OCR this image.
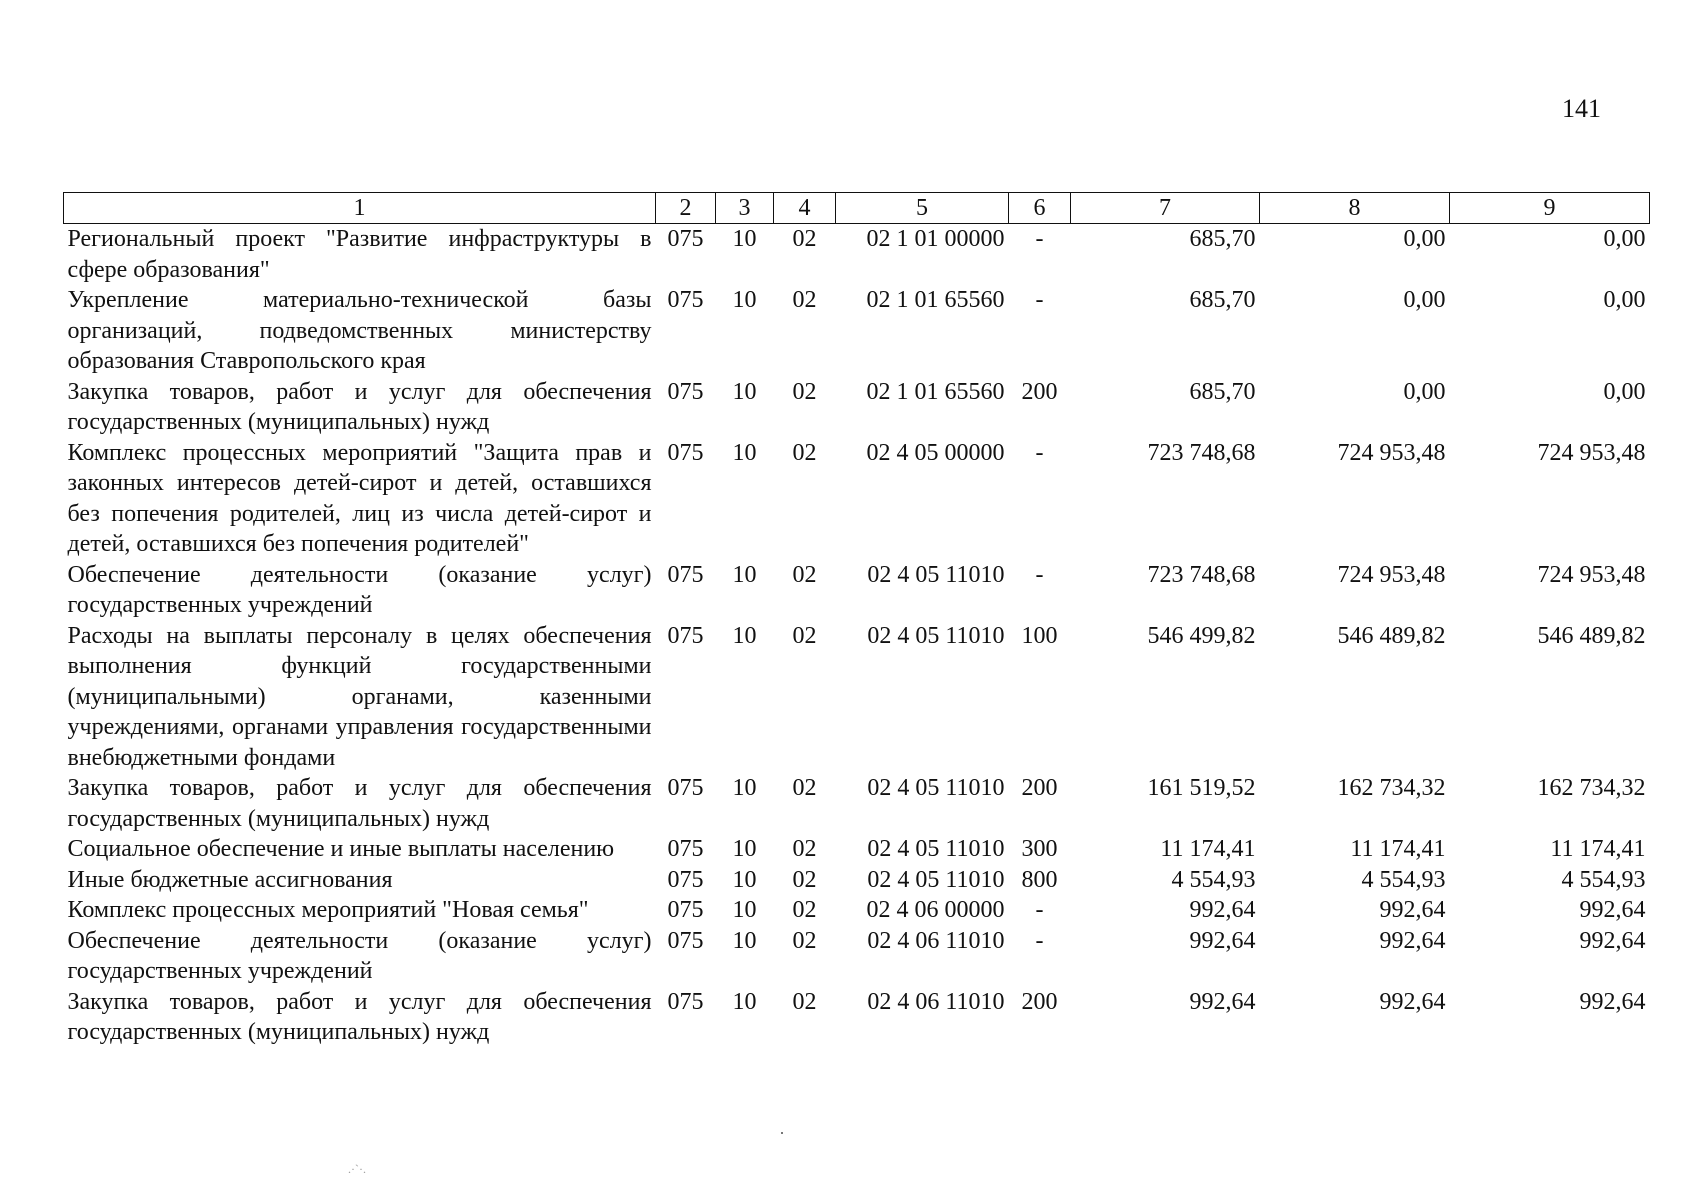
141
1	2	3	4	5	6	7	8	9
Региональный проект "Развитие инфраструктуры в сфере образования"	075	10	02	02 1 01 00000	-	685,70	0,00	0,00
Укрепление материально-технической базы организаций, подведомственных министерству образования Ставропольского края	075	10	02	02 1 01 65560	-	685,70	0,00	0,00
Закупка товаров, работ и услуг для обеспечения государственных (муниципальных) нужд	075	10	02	02 1 01 65560	200	685,70	0,00	0,00
Комплекс процессных мероприятий "Защита прав и законных интересов детей-сирот и детей, оставшихся без попечения родителей, лиц из числа детей-сирот и детей, оставшихся без попечения родителей"	075	10	02	02 4 05 00000	-	723 748,68	724 953,48	724 953,48
Обеспечение деятельности (оказание услуг) государственных учреждений	075	10	02	02 4 05 11010	-	723 748,68	724 953,48	724 953,48
Расходы на выплаты персоналу в целях обеспечения выполнения функций государственными (муниципальными) органами, казенными учреждениями, органами управления государственными внебюджетными фондами	075	10	02	02 4 05 11010	100	546 499,82	546 489,82	546 489,82
Закупка товаров, работ и услуг для обеспечения государственных (муниципальных) нужд	075	10	02	02 4 05 11010	200	161 519,52	162 734,32	162 734,32
Социальное обеспечение и иные выплаты населению	075	10	02	02 4 05 11010	300	11 174,41	11 174,41	11 174,41
Иные бюджетные ассигнования	075	10	02	02 4 05 11010	800	4 554,93	4 554,93	4 554,93
Комплекс процессных мероприятий "Новая семья"	075	10	02	02 4 06 00000	-	992,64	992,64	992,64
Обеспечение деятельности (оказание услуг) государственных учреждений	075	10	02	02 4 06 11010	-	992,64	992,64	992,64
Закупка товаров, работ и услуг для обеспечения государственных (муниципальных) нужд	075	10	02	02 4 06 11010	200	992,64	992,64	992,64
.·`·.
